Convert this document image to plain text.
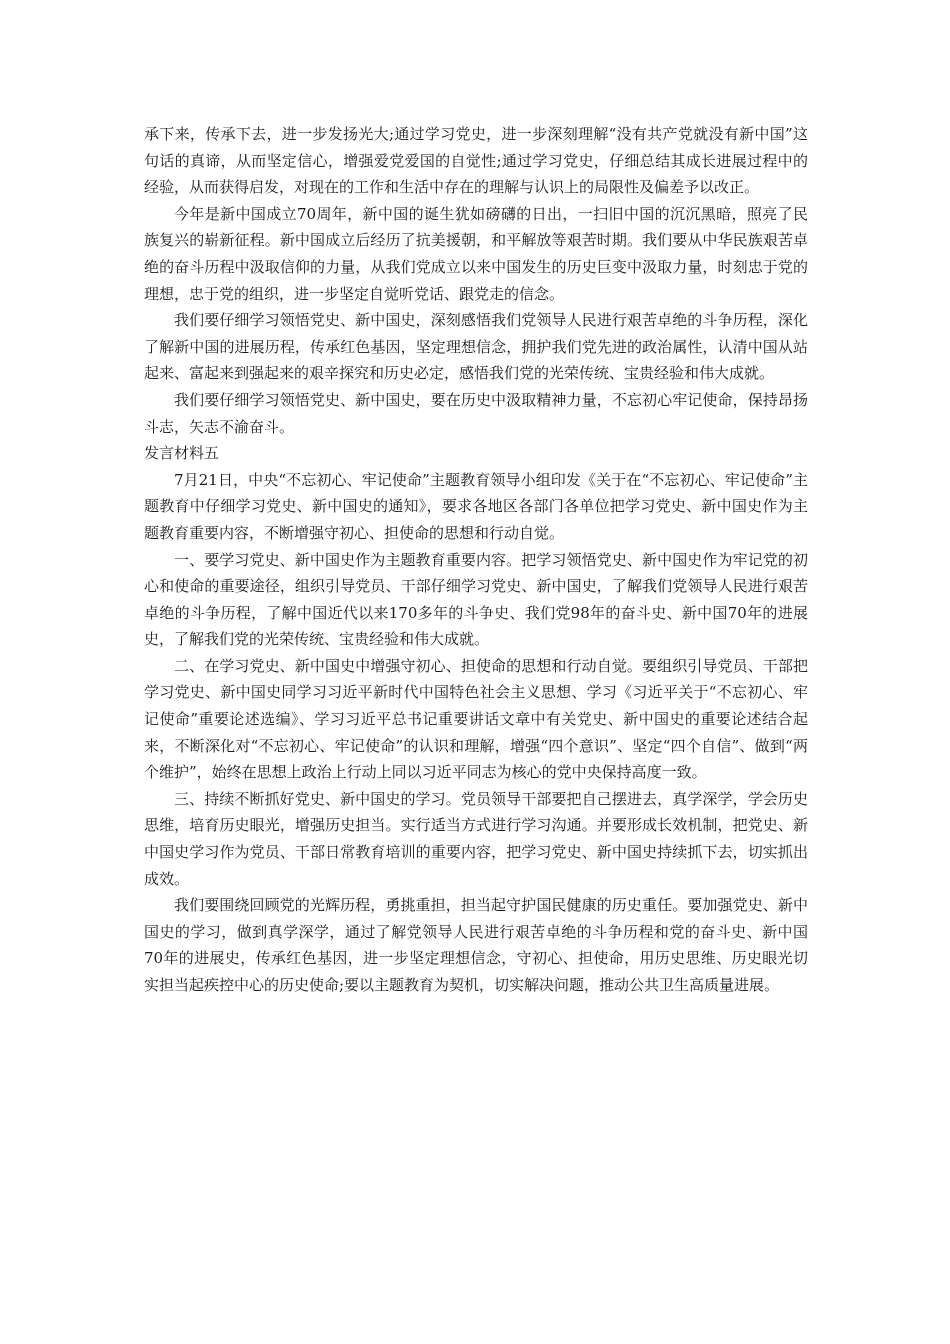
承下来，传承下去，进一步发扬光大;通过学习党史，进一步深刻理解“没有共产党就没有新中国”这句话的真谛，从而坚定信心，增强爱党爱国的自觉性;通过学习党史，仔细总结其成长进展过程中的经验，从而获得启发，对现在的工作和生活中存在的理解与认识上的局限性及偏差予以改正。

今年是新中国成立70周年，新中国的诞生犹如磅礴的日出，一扫旧中国的沉沉黑暗，照亮了民族复兴的崭新征程。新中国成立后经历了抗美援朝，和平解放等艰苦时期。我们要从中华民族艰苦卓绝的奋斗历程中汲取信仰的力量，从我们党成立以来中国发生的历史巨变中汲取力量，时刻忠于党的理想，忠于党的组织，进一步坚定自觉听党话、跟党走的信念。

我们要仔细学习领悟党史、新中国史，深刻感悟我们党领导人民进行艰苦卓绝的斗争历程，深化了解新中国的进展历程，传承红色基因，坚定理想信念，拥护我们党先进的政治属性，认清中国从站起来、富起来到强起来的艰辛探究和历史必定，感悟我们党的光荣传统、宝贵经验和伟大成就。

我们要仔细学习领悟党史、新中国史，要在历史中汲取精神力量，不忘初心牢记使命，保持昂扬斗志，矢志不渝奋斗。

发言材料五

7月21日，中央“不忘初心、牢记使命”主题教育领导小组印发《关于在“不忘初心、牢记使命”主题教育中仔细学习党史、新中国史的通知》，要求各地区各部门各单位把学习党史、新中国史作为主题教育重要内容，不断增强守初心、担使命的思想和行动自觉。

一、要学习党史、新中国史作为主题教育重要内容。把学习领悟党史、新中国史作为牢记党的初心和使命的重要途径，组织引导党员、干部仔细学习党史、新中国史，了解我们党领导人民进行艰苦卓绝的斗争历程，了解中国近代以来170多年的斗争史、我们党98年的奋斗史、新中国70年的进展史，了解我们党的光荣传统、宝贵经验和伟大成就。

二、在学习党史、新中国史中增强守初心、担使命的思想和行动自觉。要组织引导党员、干部把学习党史、新中国史同学习习近平新时代中国特色社会主义思想、学习《习近平关于“不忘初心、牢记使命”重要论述选编》、学习习近平总书记重要讲话文章中有关党史、新中国史的重要论述结合起来，不断深化对“不忘初心、牢记使命”的认识和理解，增强“四个意识”、坚定“四个自信”、做到“两个维护”，始终在思想上政治上行动上同以习近平同志为核心的党中央保持高度一致。

三、持续不断抓好党史、新中国史的学习。党员领导干部要把自己摆进去，真学深学，学会历史思维，培育历史眼光，增强历史担当。实行适当方式进行学习沟通。并要形成长效机制，把党史、新中国史学习作为党员、干部日常教育培训的重要内容，把学习党史、新中国史持续抓下去，切实抓出成效。

我们要围绕回顾党的光辉历程，勇挑重担，担当起守护国民健康的历史重任。要加强党史、新中国史的学习，做到真学深学，通过了解党领导人民进行艰苦卓绝的斗争历程和党的奋斗史、新中国70年的进展史，传承红色基因，进一步坚定理想信念，守初心、担使命，用历史思维、历史眼光切实担当起疾控中心的历史使命;要以主题教育为契机，切实解决问题，推动公共卫生高质量进展。
